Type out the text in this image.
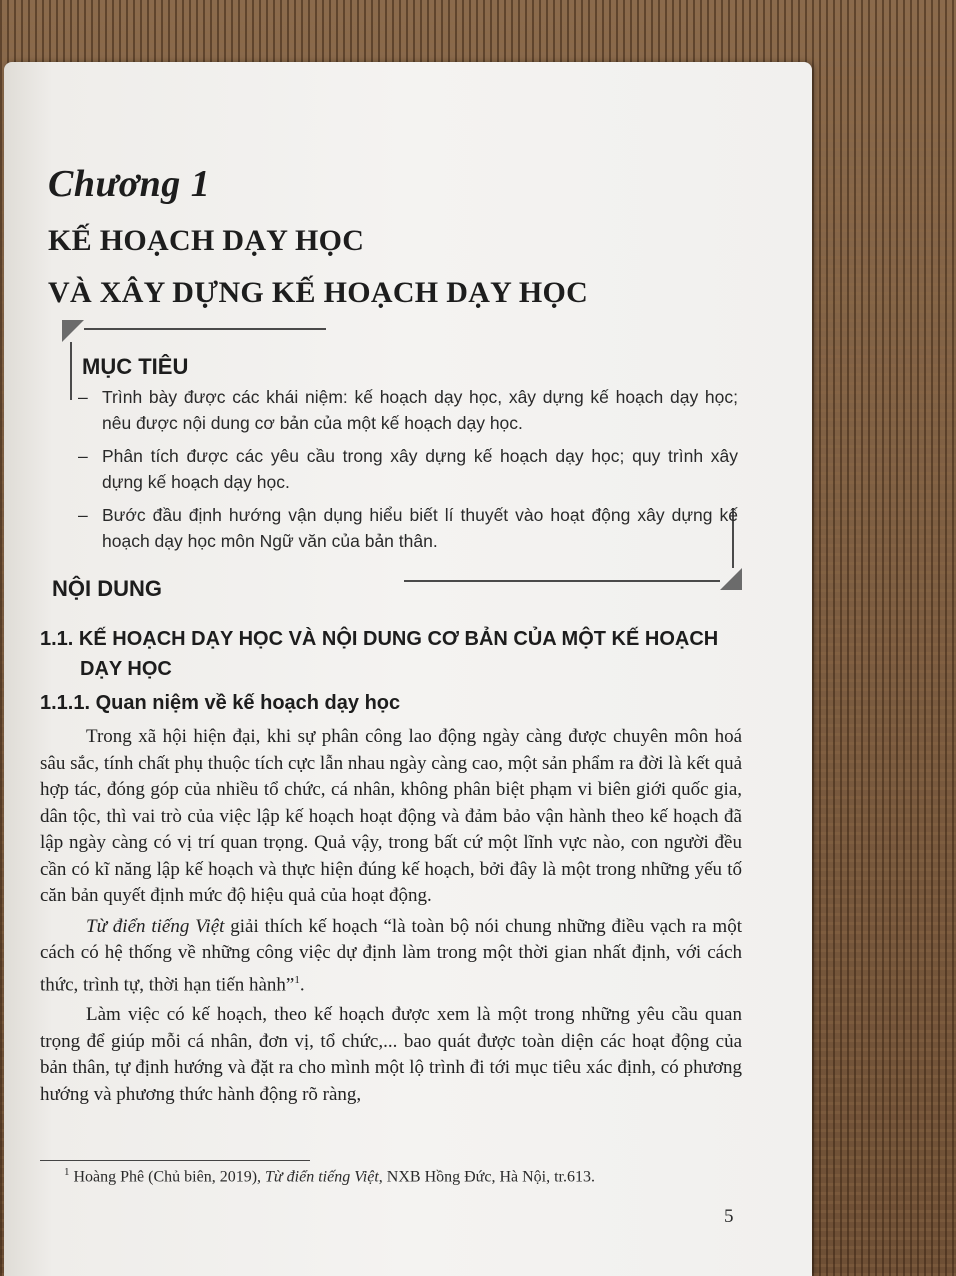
Chương 1
KẾ HOẠCH DẠY HỌC
VÀ XÂY DỰNG KẾ HOẠCH DẠY HỌC
MỤC TIÊU
– Trình bày được các khái niệm: kế hoạch dạy học, xây dựng kế hoạch dạy học; nêu được nội dung cơ bản của một kế hoạch dạy học.
– Phân tích được các yêu cầu trong xây dựng kế hoạch dạy học; quy trình xây dựng kế hoạch dạy học.
– Bước đầu định hướng vận dụng hiểu biết lí thuyết vào hoạt động xây dựng kế hoạch dạy học môn Ngữ văn của bản thân.
NỘI DUNG
1.1. KẾ HOẠCH DẠY HỌC VÀ NỘI DUNG CƠ BẢN CỦA MỘT KẾ HOẠCH
DẠY HỌC
1.1.1. Quan niệm về kế hoạch dạy học

Trong xã hội hiện đại, khi sự phân công lao động ngày càng được chuyên môn hoá sâu sắc, tính chất phụ thuộc tích cực lẫn nhau ngày càng cao, một sản phẩm ra đời là kết quả hợp tác, đóng góp của nhiều tổ chức, cá nhân, không phân biệt phạm vi biên giới quốc gia, dân tộc, thì vai trò của việc lập kế hoạch hoạt động và đảm bảo vận hành theo kế hoạch đã lập ngày càng có vị trí quan trọng. Quả vậy, trong bất cứ một lĩnh vực nào, con người đều cần có kĩ năng lập kế hoạch và thực hiện đúng kế hoạch, bởi đây là một trong những yếu tố căn bản quyết định mức độ hiệu quả của hoạt động.

Từ điển tiếng Việt giải thích kế hoạch “là toàn bộ nói chung những điều vạch ra một cách có hệ thống về những công việc dự định làm trong một thời gian nhất định, với cách thức, trình tự, thời hạn tiến hành”$^1$.

Làm việc có kế hoạch, theo kế hoạch được xem là một trong những yêu cầu quan trọng để giúp mỗi cá nhân, đơn vị, tổ chức,... bao quát được toàn diện các hoạt động của bản thân, tự định hướng và đặt ra cho mình một lộ trình đi tới mục tiêu xác định, có phương hướng và phương thức hành động rõ ràng,

$^1$ Hoàng Phê (Chủ biên, 2019), Từ điển tiếng Việt, NXB Hồng Đức, Hà Nội, tr.613.

5
